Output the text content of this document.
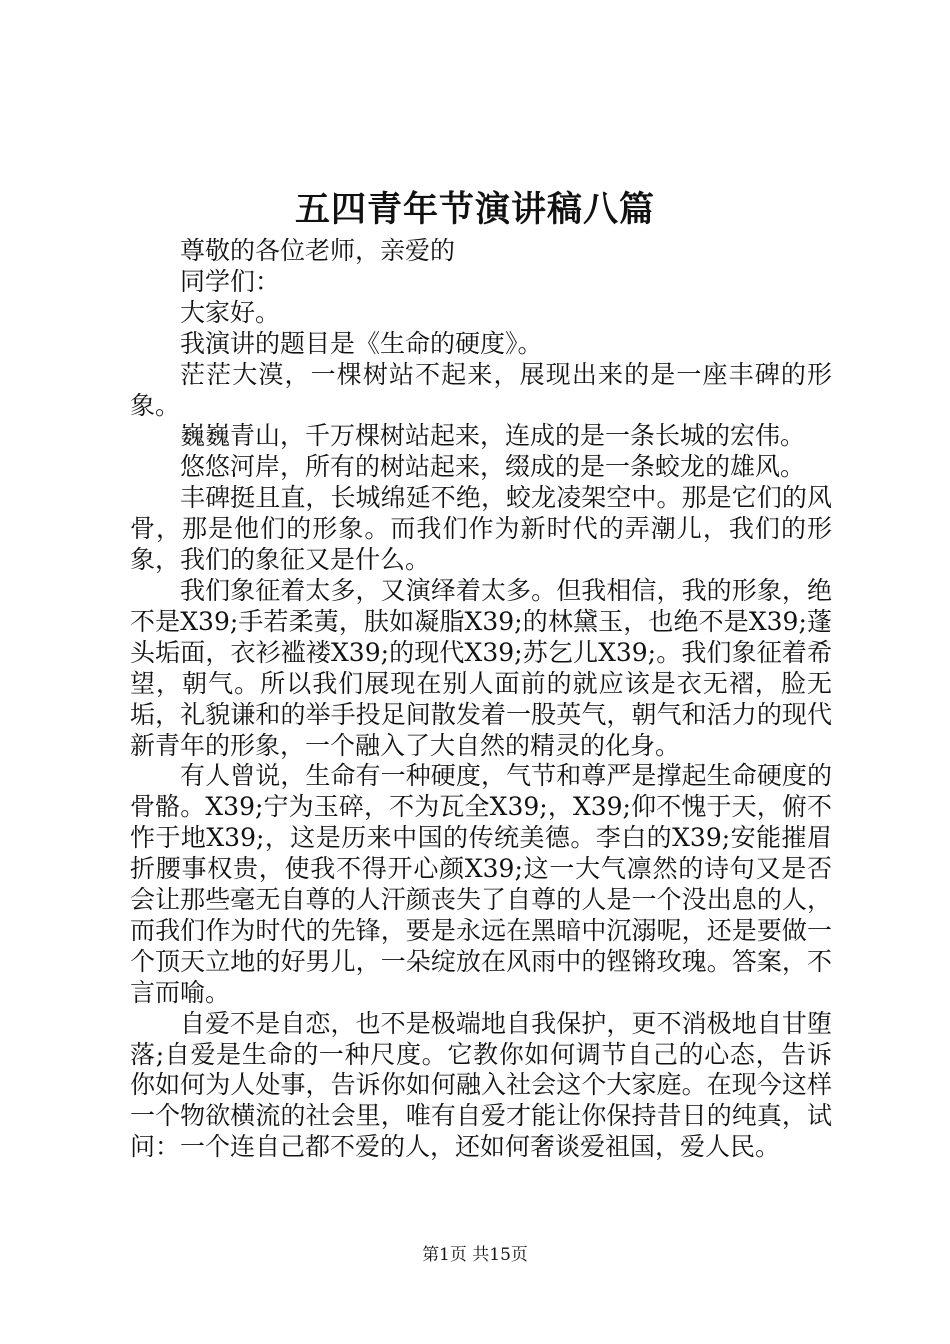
五四青年节演讲稿八篇

尊敬的各位老师，亲爱的

同学们：

大家好。

我演讲的题目是《生命的硬度》。

茫茫大漠，一棵树站不起来，展现出来的是一座丰碑的形象。

巍巍青山，千万棵树站起来，连成的是一条长城的宏伟。

悠悠河岸，所有的树站起来，缀成的是一条蛟龙的雄风。

丰碑挺且直，长城绵延不绝，蛟龙凌架空中。那是它们的风骨，那是他们的形象。而我们作为新时代的弄潮儿，我们的形象，我们的象征又是什么。

我们象征着太多，又演绎着太多。但我相信，我的形象，绝不是X39;手若柔荑，肤如凝脂X39;的林黛玉，也绝不是X39;蓬头垢面，衣衫褴褛X39;的现代X39;苏乞儿X39;。我们象征着希望，朝气。所以我们展现在别人面前的就应该是衣无褶，脸无垢，礼貌谦和的举手投足间散发着一股英气，朝气和活力的现代新青年的形象，一个融入了大自然的精灵的化身。

有人曾说，生命有一种硬度，气节和尊严是撑起生命硬度的骨骼。X39;宁为玉碎，不为瓦全X39;，X39;仰不愧于天，俯不怍于地X39;，这是历来中国的传统美德。李白的X39;安能摧眉折腰事权贵，使我不得开心颜X39;这一大气凛然的诗句又是否会让那些毫无自尊的人汗颜丧失了自尊的人是一个没出息的人，而我们作为时代的先锋，要是永远在黑暗中沉溺呢，还是要做一个顶天立地的好男儿，一朵绽放在风雨中的铿锵玫瑰。答案，不言而喻。

自爱不是自恋，也不是极端地自我保护，更不消极地自甘堕落;自爱是生命的一种尺度。它教你如何调节自己的心态，告诉你如何为人处事，告诉你如何融入社会这个大家庭。在现今这样一个物欲横流的社会里，唯有自爱才能让你保持昔日的纯真，试问：一个连自己都不爱的人，还如何奢谈爱祖国，爱人民。

第1页 共15页
